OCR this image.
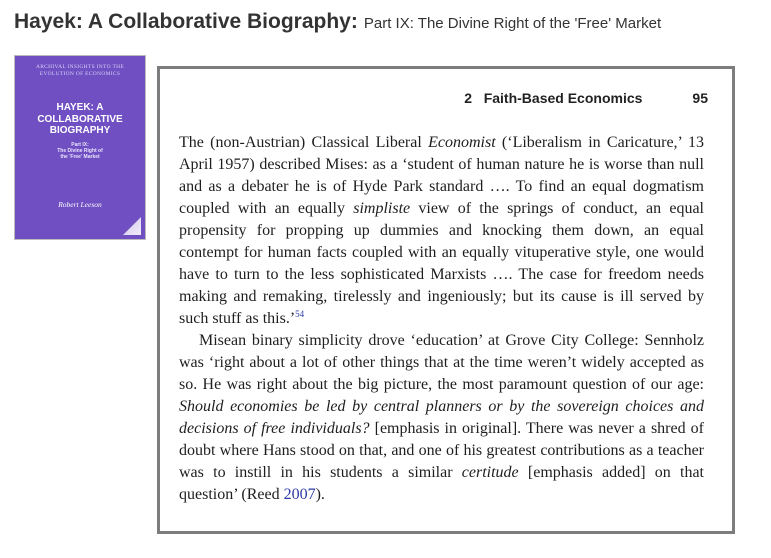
Hayek: A Collaborative Biography: Part IX: The Divine Right of the 'Free' Market
ARCHIVAL INSIGHTS INTO THE
EVOLUTION OF ECONOMICS
HAYEK: A
COLLABORATIVE
BIOGRAPHY
Part IX:
The Divine Right of
the 'Free' Market
Robert Leeson
2   Faith-Based Economics	95

The (non-Austrian) Classical Liberal Economist (‘Liberalism in Caricature,’ 13 April 1957) described Mises: as a ‘student of human nature he is worse than null and as a debater he is of Hyde Park standard …. To find an equal dogmatism coupled with an equally simpliste view of the springs of conduct, an equal propensity for propping up dummies and knocking them down, an equal contempt for human facts coupled with an equally vituperative style, one would have to turn to the less sophisticated Marxists …. The case for freedom needs making and remaking, tirelessly and ingeniously; but its cause is ill served by such stuff as this.’$^{54}$

Misean binary simplicity drove ‘education’ at Grove City College: Sennholz was ‘right about a lot of other things that at the time weren’t widely accepted as so. He was right about the big picture, the most paramount question of our age: Should economies be led by central planners or by the sovereign choices and decisions of free individuals? [emphasis in original]. There was never a shred of doubt where Hans stood on that, and one of his greatest contributions as a teacher was to instill in his students a similar certitude [emphasis added] on that question’ (Reed 2007).
